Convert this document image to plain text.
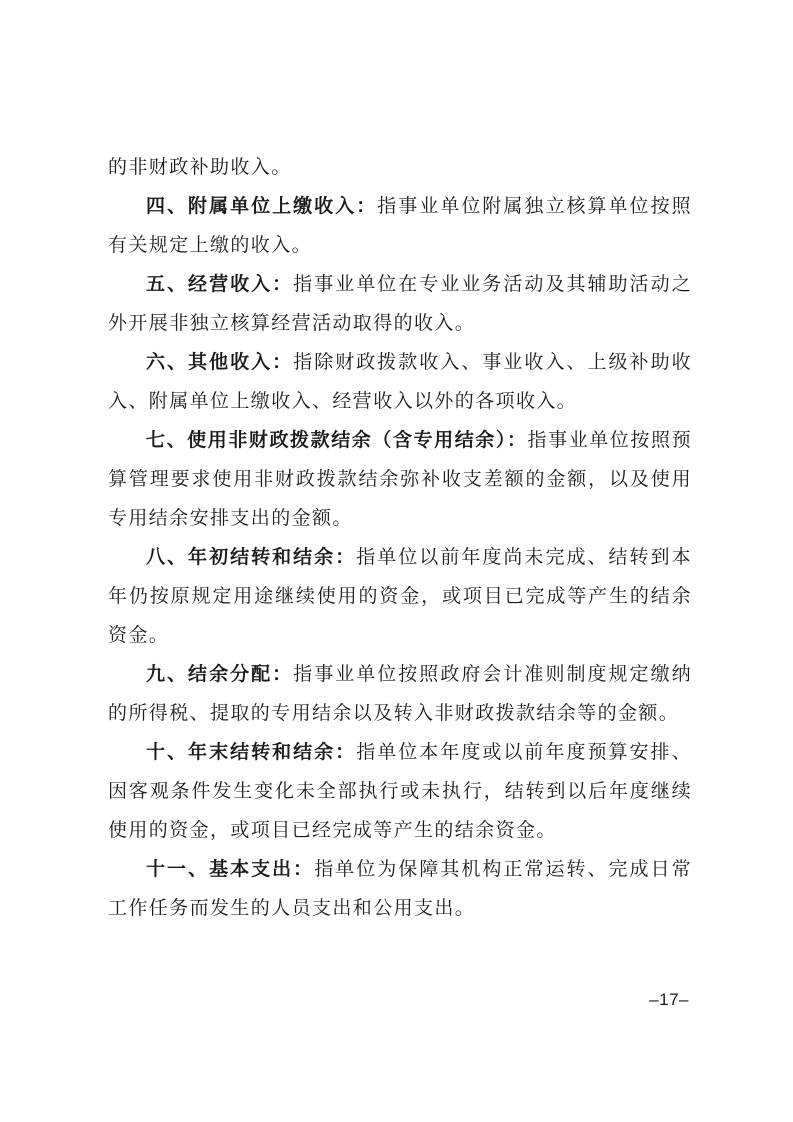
的非财政补助收入。

四、附属单位上缴收入：指事业单位附属独立核算单位按照有关规定上缴的收入。

五、经营收入：指事业单位在专业业务活动及其辅助活动之外开展非独立核算经营活动取得的收入。

六、其他收入：指除财政拨款收入、事业收入、上级补助收入、附属单位上缴收入、经营收入以外的各项收入。

七、使用非财政拨款结余（含专用结余）：指事业单位按照预算管理要求使用非财政拨款结余弥补收支差额的金额，以及使用专用结余安排支出的金额。

八、年初结转和结余：指单位以前年度尚未完成、结转到本年仍按原规定用途继续使用的资金，或项目已完成等产生的结余资金。

九、结余分配：指事业单位按照政府会计准则制度规定缴纳的所得税、提取的专用结余以及转入非财政拨款结余等的金额。

十、年末结转和结余：指单位本年度或以前年度预算安排、因客观条件发生变化未全部执行或未执行，结转到以后年度继续使用的资金，或项目已经完成等产生的结余资金。

十一、基本支出：指单位为保障其机构正常运转、完成日常工作任务而发生的人员支出和公用支出。

–17–
